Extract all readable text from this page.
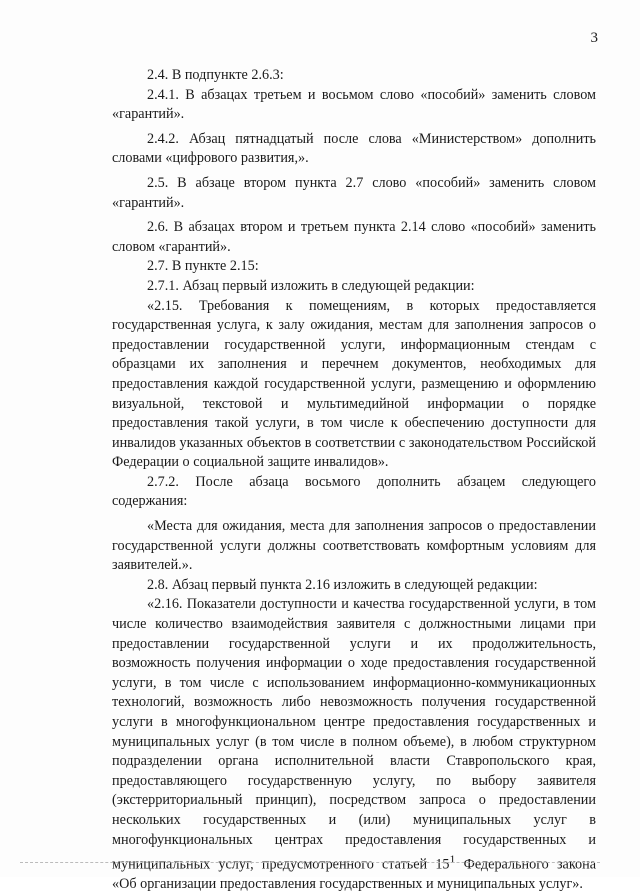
3

2.4. В подпункте 2.6.3:

2.4.1. В абзацах третьем и восьмом слово «пособий» заменить словом «гарантий».

2.4.2. Абзац пятнадцатый после слова «Министерством» дополнить словами «цифрового развития,».

2.5. В абзаце втором пункта 2.7 слово «пособий» заменить словом «гарантий».

2.6. В абзацах втором и третьем пункта 2.14 слово «пособий» заменить словом «гарантий».

2.7. В пункте 2.15:

2.7.1. Абзац первый изложить в следующей редакции:

«2.15. Требования к помещениям, в которых предоставляется государственная услуга, к залу ожидания, местам для заполнения запросов о предоставлении государственной услуги, информационным стендам с образцами их заполнения и перечнем документов, необходимых для предоставления каждой государственной услуги, размещению и оформлению визуальной, текстовой и мультимедийной информации о порядке предоставления такой услуги, в том числе к обеспечению доступности для инвалидов указанных объектов в соответствии с законодательством Российской Федерации о социальной защите инвалидов».

2.7.2. После абзаца восьмого дополнить абзацем следующего содержания:

«Места для ожидания, места для заполнения запросов о предоставлении государственной услуги должны соответствовать комфортным условиям для заявителей.».

2.8. Абзац первый пункта 2.16 изложить в следующей редакции:

«2.16. Показатели доступности и качества государственной услуги, в том числе количество взаимодействия заявителя с должностными лицами при предоставлении государственной услуги и их продолжительность, возможность получения информации о ходе предоставления государственной услуги, в том числе с использованием информационно-коммуникационных технологий, возможность либо невозможность получения государственной услуги в многофункциональном центре предоставления государственных и муниципальных услуг (в том числе в полном объеме), в любом структурном подразделении органа исполнительной власти Ставропольского края, предоставляющего государственную услугу, по выбору заявителя (экстерриториальный принцип), посредством запроса о предоставлении нескольких государственных и (или) муниципальных услуг в многофункциональных центрах предоставления государственных и муниципальных услуг, предусмотренного статьей $15^1$ Федерального закона «Об организации предоставления государственных и муниципальных услуг».
